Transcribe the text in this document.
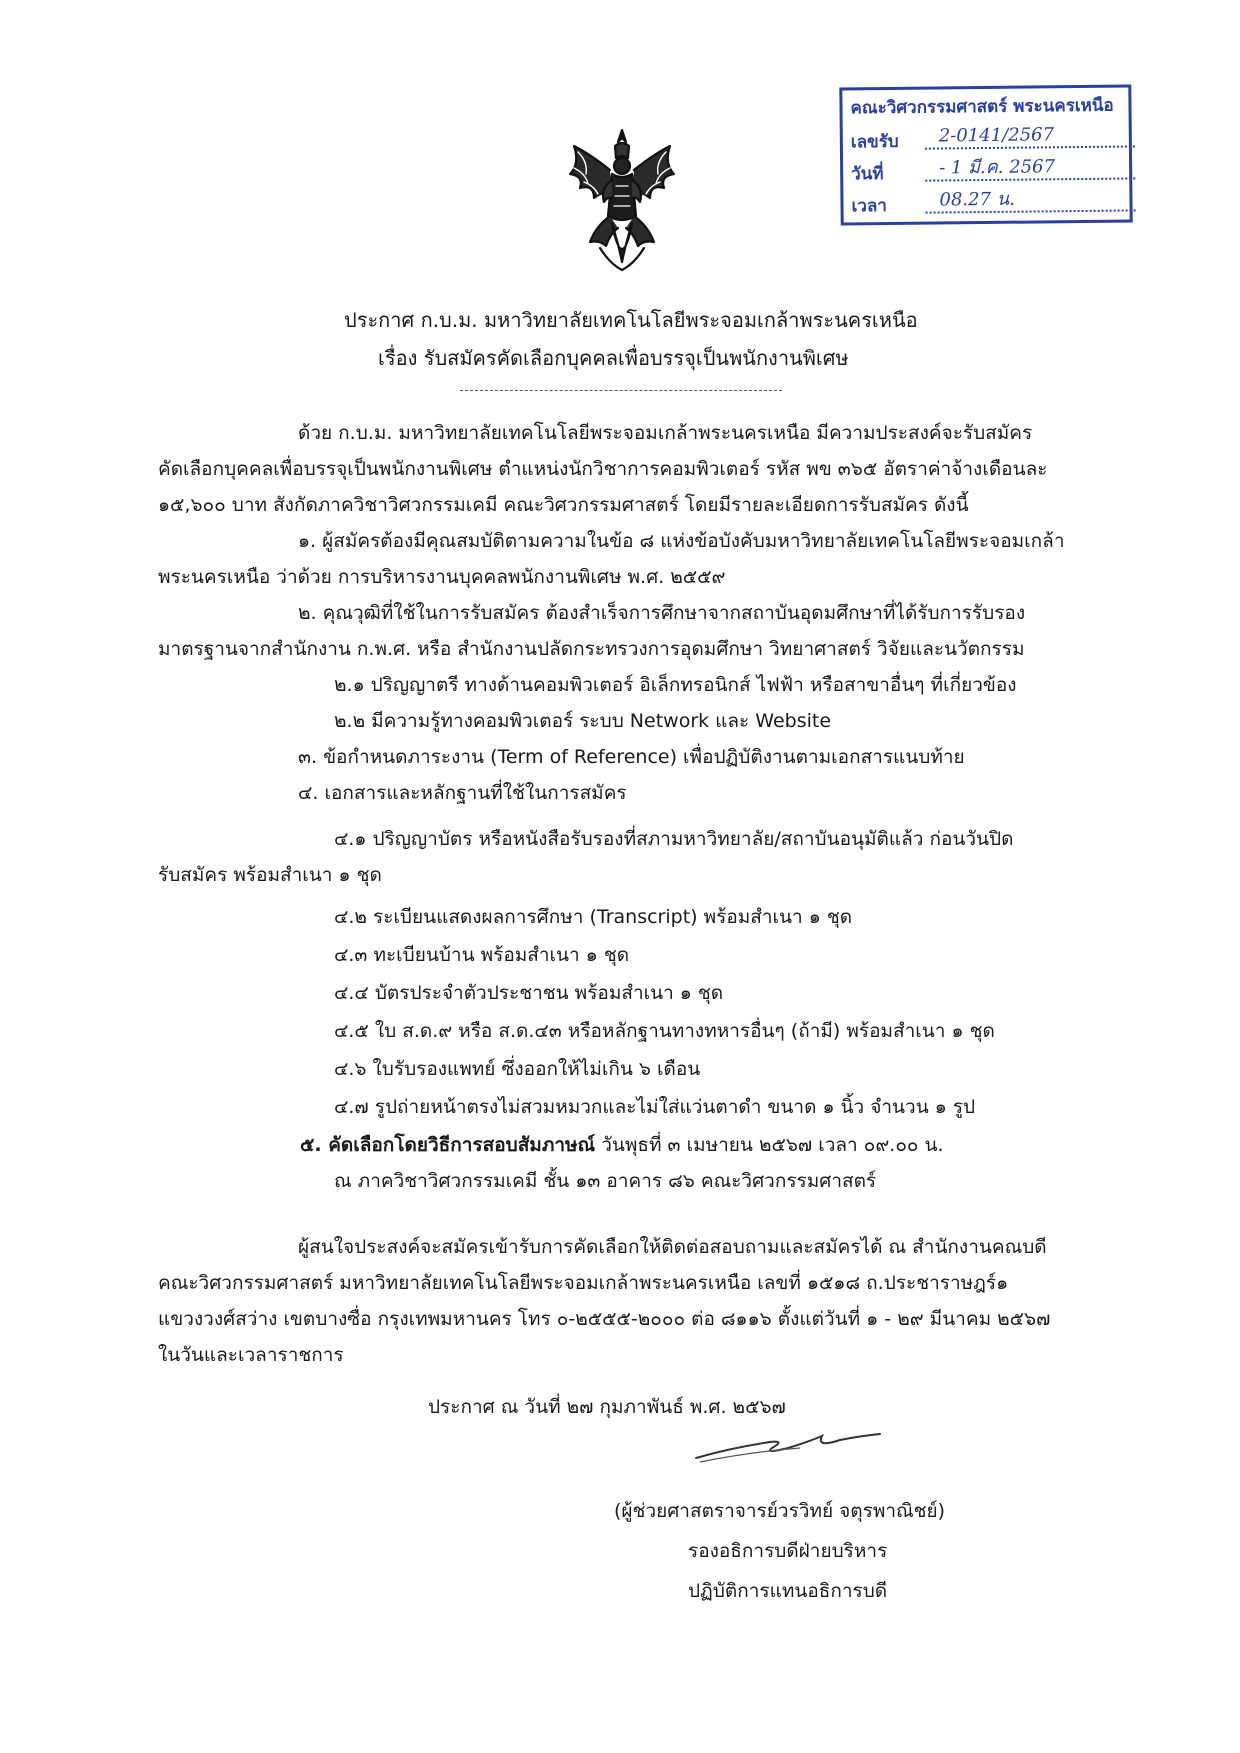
คณะวิศวกรรมศาสตร์ พระนครเหนือ
เลขรับ	2-0141/2567
วันที่	- 1 มี.ค. 2567
เวลา	08.27 น.
ประกาศ ก.บ.ม. มหาวิทยาลัยเทคโนโลยีพระจอมเกล้าพระนครเหนือ
เรื่อง รับสมัครคัดเลือกบุคคลเพื่อบรรจุเป็นพนักงานพิเศษ
ด้วย ก.บ.ม. มหาวิทยาลัยเทคโนโลยีพระจอมเกล้าพระนครเหนือ มีความประสงค์จะรับสมัคร
คัดเลือกบุคคลเพื่อบรรจุเป็นพนักงานพิเศษ ตำแหน่งนักวิชาการคอมพิวเตอร์ รหัส พข ๓๖๕ อัตราค่าจ้างเดือนละ
๑๕,๖๐๐ บาท สังกัดภาควิชาวิศวกรรมเคมี คณะวิศวกรรมศาสตร์ โดยมีรายละเอียดการรับสมัคร ดังนี้
๑. ผู้สมัครต้องมีคุณสมบัติตามความในข้อ ๘ แห่งข้อบังคับมหาวิทยาลัยเทคโนโลยีพระจอมเกล้า
พระนครเหนือ ว่าด้วย การบริหารงานบุคคลพนักงานพิเศษ พ.ศ. ๒๕๕๙
๒. คุณวุฒิที่ใช้ในการรับสมัคร ต้องสำเร็จการศึกษาจากสถาบันอุดมศึกษาที่ได้รับการรับรอง
มาตรฐานจากสำนักงาน ก.พ.ศ. หรือ สำนักงานปลัดกระทรวงการอุดมศึกษา วิทยาศาสตร์ วิจัยและนวัตกรรม
๒.๑ ปริญญาตรี ทางด้านคอมพิวเตอร์ อิเล็กทรอนิกส์ ไฟฟ้า หรือสาขาอื่นๆ ที่เกี่ยวข้อง
๒.๒ มีความรู้ทางคอมพิวเตอร์ ระบบ Network และ Website
๓. ข้อกำหนดภาระงาน (Term of Reference) เพื่อปฏิบัติงานตามเอกสารแนบท้าย
๔. เอกสารและหลักฐานที่ใช้ในการสมัคร
๔.๑ ปริญญาบัตร หรือหนังสือรับรองที่สภามหาวิทยาลัย/สถาบันอนุมัติแล้ว ก่อนวันปิด
รับสมัคร พร้อมสำเนา ๑ ชุด
๔.๒ ระเบียนแสดงผลการศึกษา (Transcript) พร้อมสำเนา ๑ ชุด
๔.๓ ทะเบียนบ้าน พร้อมสำเนา ๑ ชุด
๔.๔ บัตรประจำตัวประชาชน พร้อมสำเนา ๑ ชุด
๔.๕ ใบ ส.ด.๙ หรือ ส.ด.๔๓ หรือหลักฐานทางทหารอื่นๆ (ถ้ามี) พร้อมสำเนา ๑ ชุด
๔.๖ ใบรับรองแพทย์ ซึ่งออกให้ไม่เกิน ๖ เดือน
๔.๗ รูปถ่ายหน้าตรงไม่สวมหมวกและไม่ใส่แว่นตาดำ ขนาด ๑ นิ้ว จำนวน ๑ รูป
๕. คัดเลือกโดยวิธีการสอบสัมภาษณ์ วันพุธที่ ๓ เมษายน ๒๕๖๗ เวลา ๐๙.๐๐ น.
ณ ภาควิชาวิศวกรรมเคมี ชั้น ๑๓ อาคาร ๘๖ คณะวิศวกรรมศาสตร์
ผู้สนใจประสงค์จะสมัครเข้ารับการคัดเลือกให้ติดต่อสอบถามและสมัครได้ ณ สำนักงานคณบดี
คณะวิศวกรรมศาสตร์ มหาวิทยาลัยเทคโนโลยีพระจอมเกล้าพระนครเหนือ เลขที่ ๑๕๑๘ ถ.ประชาราษฎร์๑
แขวงวงศ์สว่าง เขตบางซื่อ กรุงเทพมหานคร โทร ๐-๒๕๕๕-๒๐๐๐ ต่อ ๘๑๑๖ ตั้งแต่วันที่ ๑ - ๒๙ มีนาคม ๒๕๖๗
ในวันและเวลาราชการ
ประกาศ ณ วันที่ ๒๗ กุมภาพันธ์ พ.ศ. ๒๕๖๗
(ผู้ช่วยศาสตราจารย์วรวิทย์ จตุรพาณิชย์)
รองอธิการบดีฝ่ายบริหาร
ปฏิบัติการแทนอธิการบดี
